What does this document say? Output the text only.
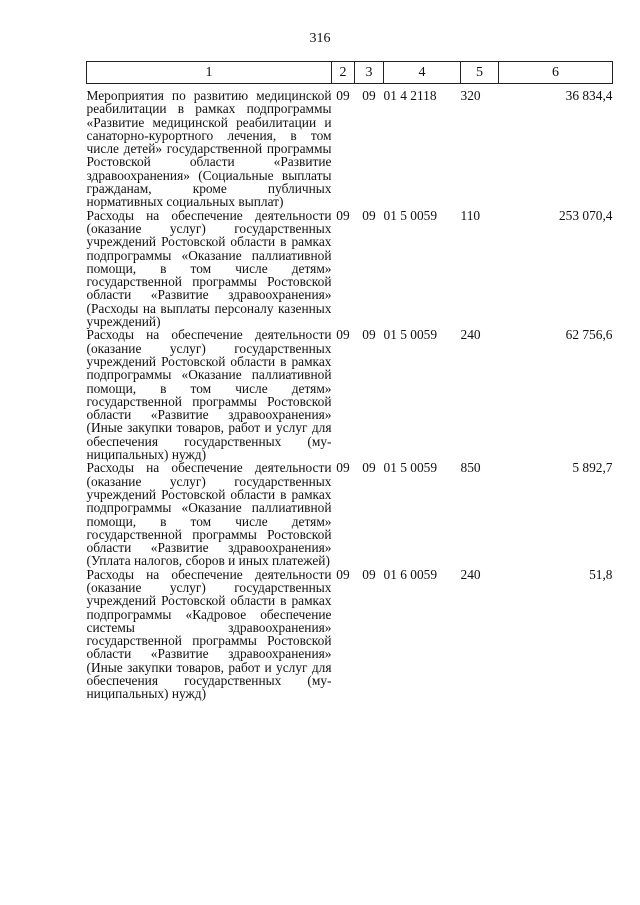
316
1	2	3	4	5	6
Мероприятия по развитию медицинской реабилитации в рамках подпрограммы «Развитие медицинской реабилитации и санаторно-курортного лечения, в том числе детей» государственной программы Ростовской области «Развитие здравоохранения» (Социальные выплаты гражданам, кроме публичных нормативных социальных выплат)	09	09	01 4 2118	320	36 834,4
Расходы на обеспечение деятельности (оказание услуг) государственных учреждений Ростовской области в рамках подпрограммы «Оказание паллиативной помощи, в том числе детям» государственной программы Ростовской области «Развитие здравоохранения» (Расходы на выплаты персоналу казенных учреждений)	09	09	01 5 0059	110	253 070,4
Расходы на обеспечение деятельности (оказание услуг) государственных учреждений Ростовской области в рамках подпрограммы «Оказание паллиативной помощи, в том числе детям» государственной программы Ростовской области «Развитие здравоохранения» (Иные закупки товаров, работ и услуг для обеспечения государственных (муниципальных) нужд)	09	09	01 5 0059	240	62 756,6
Расходы на обеспечение деятельности (оказание услуг) государственных учреждений Ростовской области в рамках подпрограммы «Оказание паллиативной помощи, в том числе детям» государственной программы Ростовской области «Развитие здравоохранения» (Уплата налогов, сборов и иных платежей)	09	09	01 5 0059	850	5 892,7
Расходы на обеспечение деятельности (оказание услуг) государственных учреждений Ростовской области в рамках подпрограммы «Кадровое обеспечение системы здравоохранения» государственной программы Ростовской области «Развитие здравоохранения» (Иные закупки товаров, работ и услуг для обеспечения государственных (муниципальных) нужд)	09	09	01 6 0059	240	51,8
